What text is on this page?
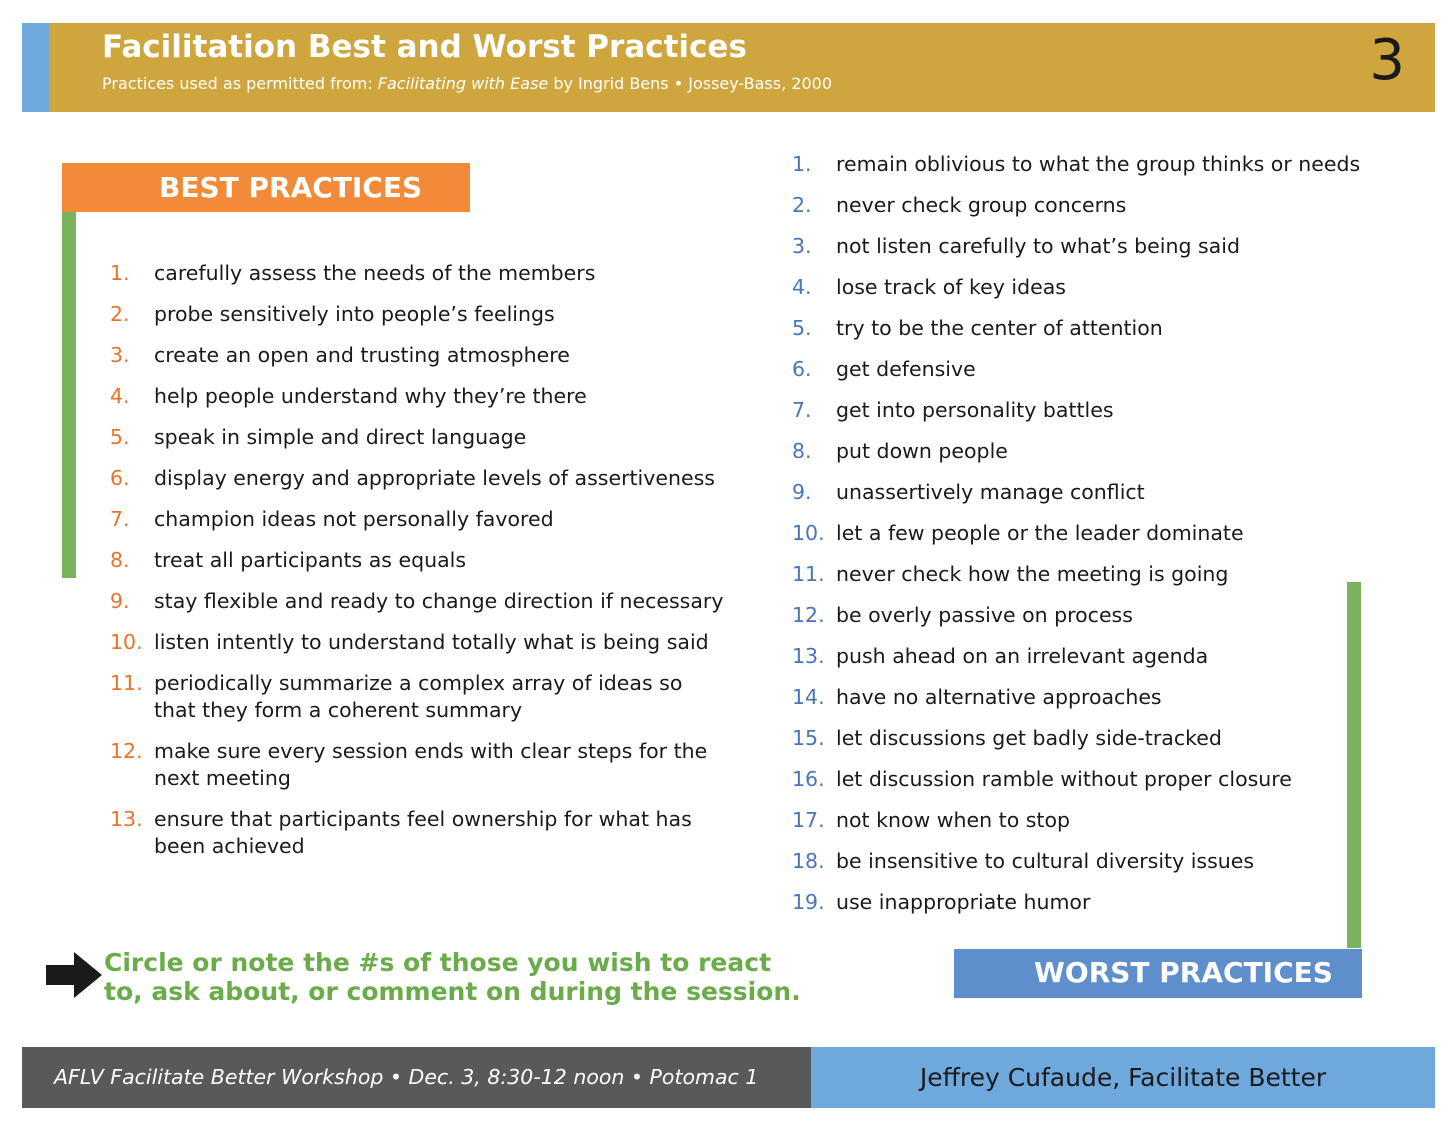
Facilitation Best and Worst Practices
Practices used as permitted from: Facilitating with Ease by Ingrid Bens • Jossey-Bass, 2000	3
BEST PRACTICES
1. carefully assess the needs of the members
2. probe sensitively into people’s feelings
3. create an open and trusting atmosphere
4. help people understand why they’re there
5. speak in simple and direct language
6. display energy and appropriate levels of assertiveness
7. champion ideas not personally favored
8. treat all participants as equals
9. stay flexible and ready to change direction if necessary
10. listen intently to understand totally what is being said
11. periodically summarize a complex array of ideas so that they form a coherent summary
12. make sure every session ends with clear steps for the next meeting
13. ensure that participants feel ownership for what has been achieved
1. remain oblivious to what the group thinks or needs
2. never check group concerns
3. not listen carefully to what’s being said
4. lose track of key ideas
5. try to be the center of attention
6. get defensive
7. get into personality battles
8. put down people
9. unassertively manage conflict
10. let a few people or the leader dominate
11. never check how the meeting is going
12. be overly passive on process
13. push ahead on an irrelevant agenda
14. have no alternative approaches
15. let discussions get badly side-tracked
16. let discussion ramble without proper closure
17. not know when to stop
18. be insensitive to cultural diversity issues
19. use inappropriate humor
WORST PRACTICES
Circle or note the #s of those you wish to react to, ask about, or comment on during the session.
AFLV Facilitate Better Workshop • Dec. 3, 8:30-12 noon • Potomac 1	Jeffrey Cufaude, Facilitate Better
